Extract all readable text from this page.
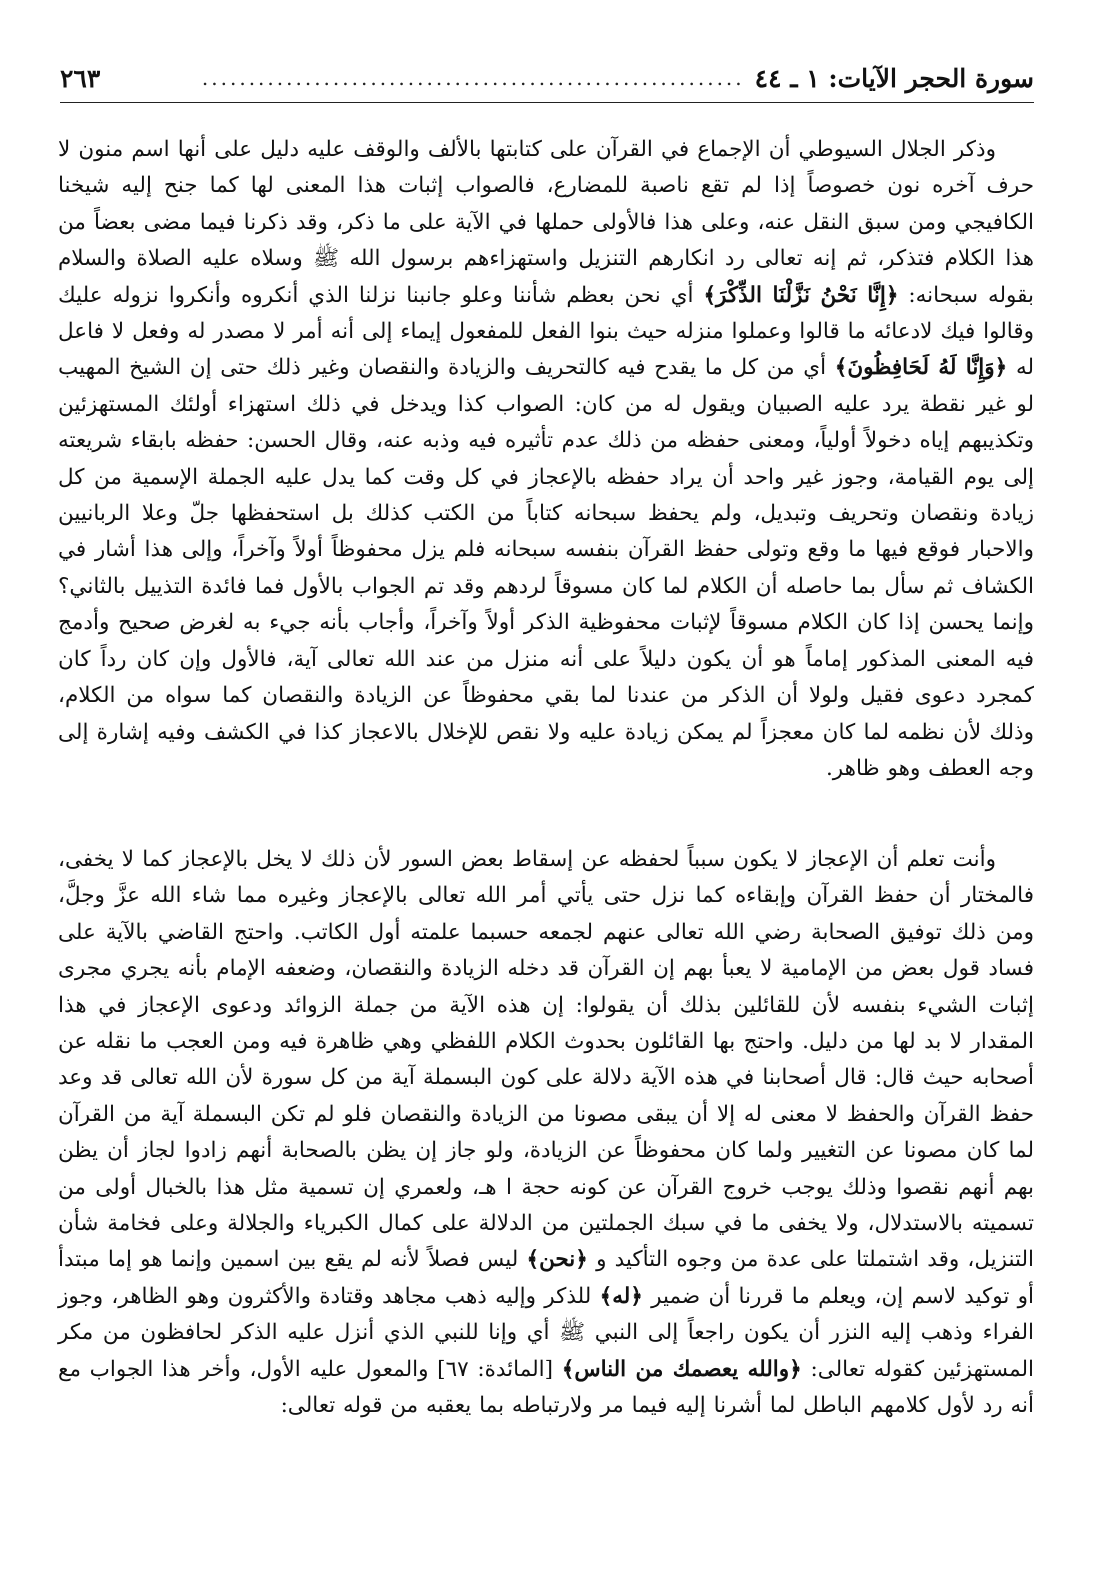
سورة الحجر الآيات: ١ ـ ٤٤
..........................................................
٢٦٣
وذكر الجلال السيوطي أن الإجماع في القرآن على كتابتها بالألف والوقف عليه دليل على أنها اسم منون لا حرف آخره نون خصوصاً إذا لم تقع ناصبة للمضارع، فالصواب إثبات هذا المعنى لها كما جنح إليه شيخنا الكافيجي ومن سبق النقل عنه، وعلى هذا فالأولى حملها في الآية على ما ذكر، وقد ذكرنا فيما مضى بعضاً من هذا الكلام فتذكر، ثم إنه تعالى رد انكارهم التنزيل واستهزاءهم برسول الله ﷺ وسلاه عليه الصلاة والسلام بقوله سبحانه: ﴿إِنَّا نَحْنُ نَزَّلْنَا الذِّكْرَ﴾ أي نحن بعظم شأننا وعلو جانبنا نزلنا الذي أنكروه وأنكروا نزوله عليك وقالوا فيك لادعائه ما قالوا وعملوا منزله حيث بنوا الفعل للمفعول إيماء إلى أنه أمر لا مصدر له وفعل لا فاعل له ﴿وَإِنَّا لَهُ لَحَافِظُونَ﴾ أي من كل ما يقدح فيه كالتحريف والزيادة والنقصان وغير ذلك حتى إن الشيخ المهيب لو غير نقطة يرد عليه الصبيان ويقول له من كان: الصواب كذا ويدخل في ذلك استهزاء أولئك المستهزئين وتكذيبهم إياه دخولاً أولياً، ومعنى حفظه من ذلك عدم تأثيره فيه وذبه عنه، وقال الحسن: حفظه بابقاء شريعته إلى يوم القيامة، وجوز غير واحد أن يراد حفظه بالإعجاز في كل وقت كما يدل عليه الجملة الإسمية من كل زيادة ونقصان وتحريف وتبديل، ولم يحفظ سبحانه كتاباً من الكتب كذلك بل استحفظها جلّ وعلا الربانيين والاحبار فوقع فيها ما وقع وتولى حفظ القرآن بنفسه سبحانه فلم يزل محفوظاً أولاً وآخراً، وإلى هذا أشار في الكشاف ثم سأل بما حاصله أن الكلام لما كان مسوقاً لردهم وقد تم الجواب بالأول فما فائدة التذييل بالثاني؟ وإنما يحسن إذا كان الكلام مسوقاً لإثبات محفوظية الذكر أولاً وآخراً، وأجاب بأنه جيء به لغرض صحيح وأدمج فيه المعنى المذكور إماماً هو أن يكون دليلاً على أنه منزل من عند الله تعالى آية، فالأول وإن كان رداً كان كمجرد دعوى فقيل ولولا أن الذكر من عندنا لما بقي محفوظاً عن الزيادة والنقصان كما سواه من الكلام، وذلك لأن نظمه لما كان معجزاً لم يمكن زيادة عليه ولا نقص للإخلال بالاعجاز كذا في الكشف وفيه إشارة إلى وجه العطف وهو ظاهر.
وأنت تعلم أن الإعجاز لا يكون سبباً لحفظه عن إسقاط بعض السور لأن ذلك لا يخل بالإعجاز كما لا يخفى، فالمختار أن حفظ القرآن وإبقاءه كما نزل حتى يأتي أمر الله تعالى بالإعجاز وغيره مما شاء الله عزَّ وجلَّ، ومن ذلك توفيق الصحابة رضي الله تعالى عنهم لجمعه حسبما علمته أول الكاتب. واحتج القاضي بالآية على فساد قول بعض من الإمامية لا يعبأ بهم إن القرآن قد دخله الزيادة والنقصان، وضعفه الإمام بأنه يجري مجرى إثبات الشيء بنفسه لأن للقائلين بذلك أن يقولوا: إن هذه الآية من جملة الزوائد ودعوى الإعجاز في هذا المقدار لا بد لها من دليل. واحتج بها القائلون بحدوث الكلام اللفظي وهي ظاهرة فيه ومن العجب ما نقله عن أصحابه حيث قال: قال أصحابنا في هذه الآية دلالة على كون البسملة آية من كل سورة لأن الله تعالى قد وعد حفظ القرآن والحفظ لا معنى له إلا أن يبقى مصونا من الزيادة والنقصان فلو لم تكن البسملة آية من القرآن لما كان مصونا عن التغيير ولما كان محفوظاً عن الزيادة، ولو جاز إن يظن بالصحابة أنهم زادوا لجاز أن يظن بهم أنهم نقصوا وذلك يوجب خروج القرآن عن كونه حجة ا هـ، ولعمري إن تسمية مثل هذا بالخبال أولى من تسميته بالاستدلال، ولا يخفى ما في سبك الجملتين من الدلالة على كمال الكبرياء والجلالة وعلى فخامة شأن التنزيل، وقد اشتملتا على عدة من وجوه التأكيد و ﴿نحن﴾ ليس فصلاً لأنه لم يقع بين اسمين وإنما هو إما مبتدأ أو توكيد لاسم إن، ويعلم ما قررنا أن ضمير ﴿له﴾ للذكر وإليه ذهب مجاهد وقتادة والأكثرون وهو الظاهر، وجوز الفراء وذهب إليه النزر أن يكون راجعاً إلى النبي ﷺ أي وإنا للنبي الذي أنزل عليه الذكر لحافظون من مكر المستهزئين كقوله تعالى: ﴿والله يعصمك من الناس﴾ [المائدة: ٦٧] والمعول عليه الأول، وأخر هذا الجواب مع أنه رد لأول كلامهم الباطل لما أشرنا إليه فيما مر ولارتباطه بما يعقبه من قوله تعالى:
